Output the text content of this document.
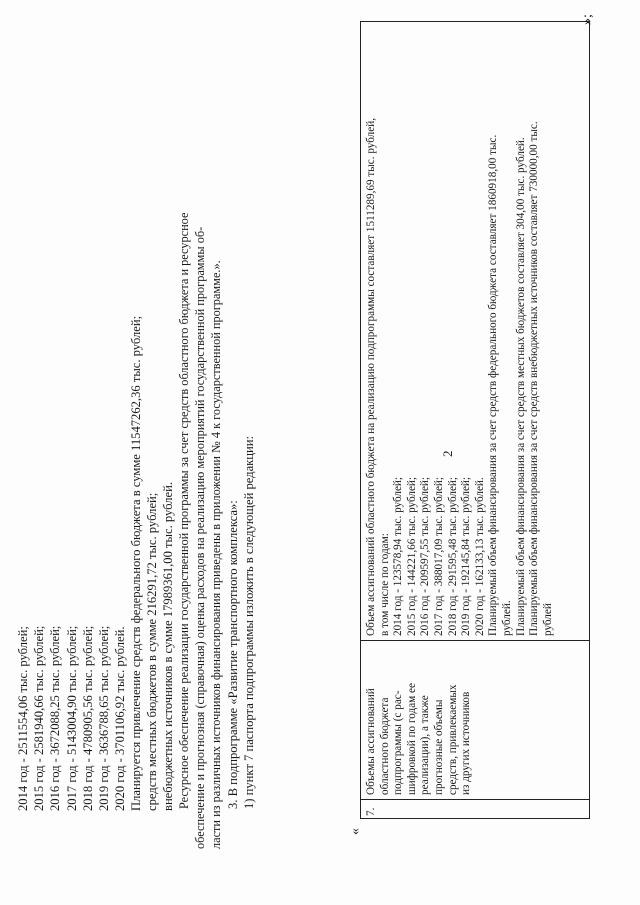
2
2014 год - 2511554,06 тыс. рублей; 2015 год - 2581940,66 тыс. рублей; 2016 год - 3672088,25 тыс. рублей; 2017 год - 5143004,90 тыс. рублей; 2018 год - 4780905,56 тыс. рублей; 2019 год - 3636788,65 тыс. рублей; 2020 год - 3701106,92 тыс. рублей. Планируется привлечение средств федерального бюджета в сумме 11547262,36 тыс. рублей; средств местных бюджетов в сумме 216291,72 тыс. рублей; внебюджетных источников в сумме 17989361,00 тыс. рублей. Ресурсное обеспечение реализации государственной программы за счет средств областного бюджета и ресурсное обеспечение и прогнозная (справочная) оценка расходов на реализацию мероприятий государственной программы об- ласти из различных источников финансирования приведены в приложении № 4 к государственной программе.». 3. В подпрограмме «Развитие транспортного комплекса»: 1) пункт 7 паспорта подпрограммы изложить в следующей редакции:
«
7.
Объемы ассигнований областного бюджета подпрограммы (с рас- шифровкой по годам ее реализации), а также прогнозные объемы средств, привлекаемых из других источников
Объем ассигнований областного бюджета на реализацию подпрограммы составляет 1511289,69 тыс. рублей, в том числе по годам: 2014 год - 123578,94 тыс. рублей; 2015 год - 144221,66 тыс. рублей; 2016 год - 209597,55 тыс. рублей; 2017 год - 388017,09 тыс. рублей; 2018 год - 291595,48 тыс. рублей; 2019 год - 192145,84 тыс. рублей; 2020 год - 162133,13 тыс. рублей. Планируемый объем финансирования за счет средств федерального бюджета составляет 1860918,00 тыс. рублей. Планируемый объем финансирования за счет средств местных бюджетов составляет 304,00 тыс. рублей. Планируемый объем финансирования за счет средств внебюджетных источников составляет 730000,00 тыс. рублей
»;
